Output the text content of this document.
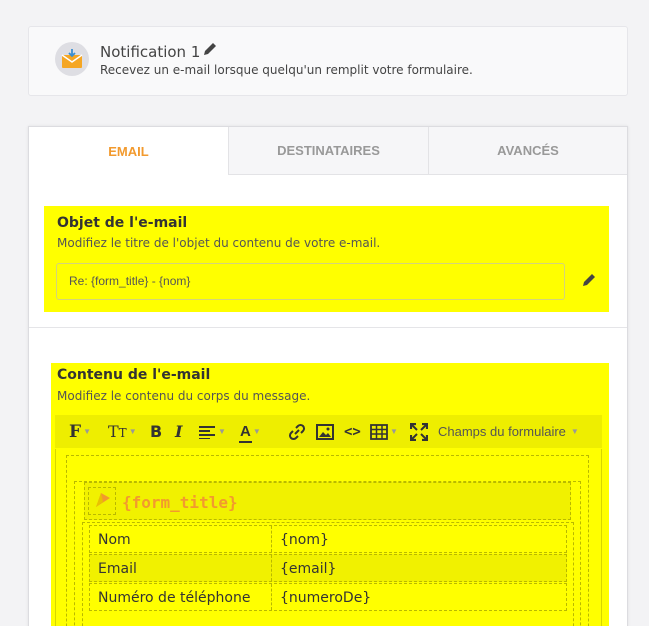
Notification 1
Recevez un e-mail lorsque quelqu'un remplit votre formulaire.
EMAIL	DESTINATAIRES	AVANCÉS
Objet de l'e-mail
Modifiez le titre de l'objet du contenu de votre e-mail.
Re: {form_title} - {nom}
Contenu de l'e-mail
Modifiez le contenu du corps du message.
F ▼ TT ▼ B I	▼ A ▼	<>	▼	Champs du formulaire ▼
{form_title}
Nom	{nom}
Email	{email}
Numéro de téléphone {numeroDe}
